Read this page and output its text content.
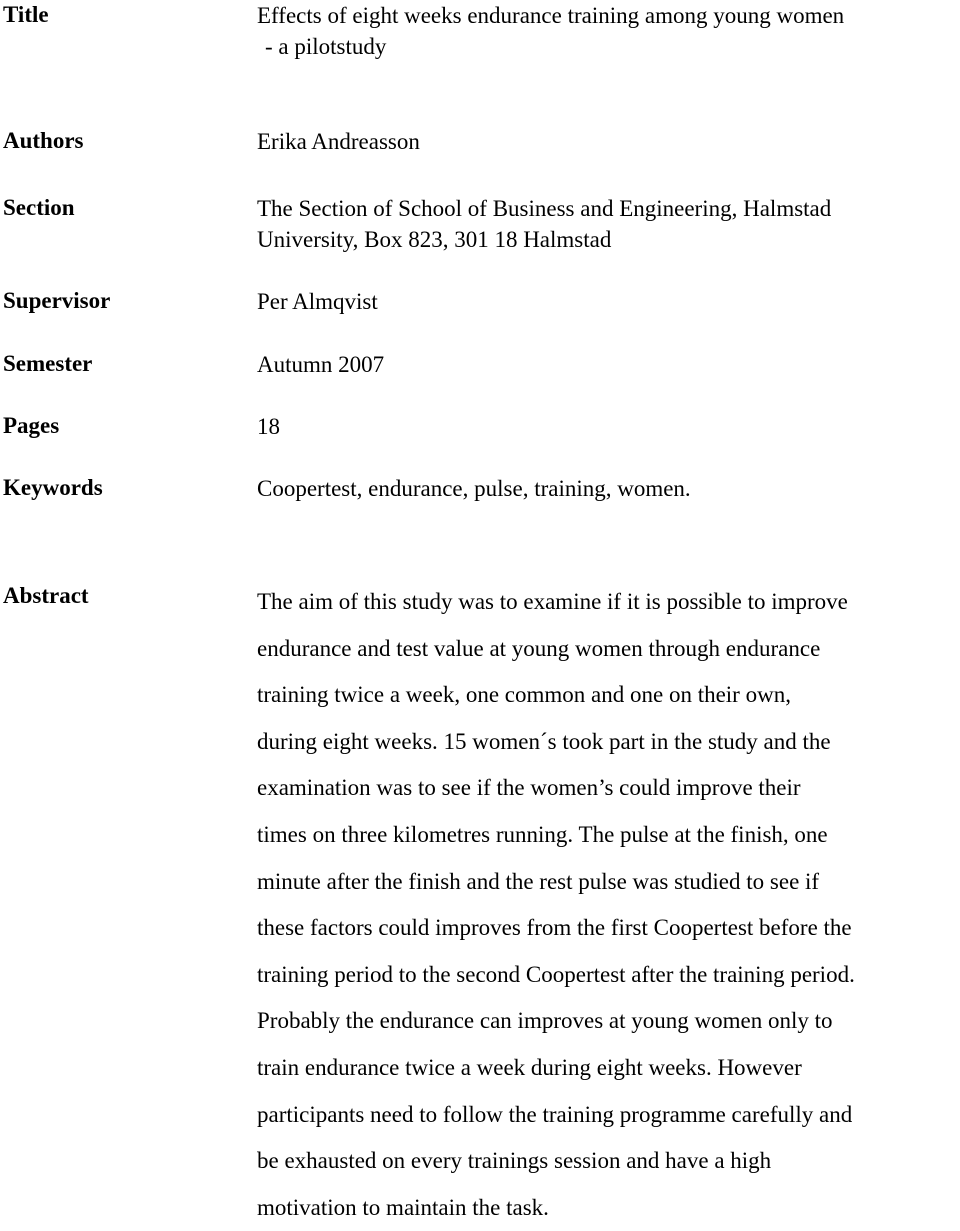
Title	Effects of eight weeks endurance training among young women
- a pilotstudy
Authors	Erika Andreasson
Section	The Section of School of Business and Engineering, Halmstad
University, Box 823, 301 18 Halmstad
Supervisor	Per Almqvist
Semester	Autumn 2007
Pages	18
Keywords	Coopertest, endurance, pulse, training, women.
Abstract	The aim of this study was to examine if it is possible to improve
endurance and test value at young women through endurance
training twice a week, one common and one on their own,
during eight weeks. 15 women´s took part in the study and the
examination was to see if the women’s could improve their
times on three kilometres running. The pulse at the finish, one
minute after the finish and the rest pulse was studied to see if
these factors could improves from the first Coopertest before the
training period to the second Coopertest after the training period.
Probably the endurance can improves at young women only to
train endurance twice a week during eight weeks. However
participants need to follow the training programme carefully and
be exhausted on every trainings session and have a high
motivation to maintain the task.
